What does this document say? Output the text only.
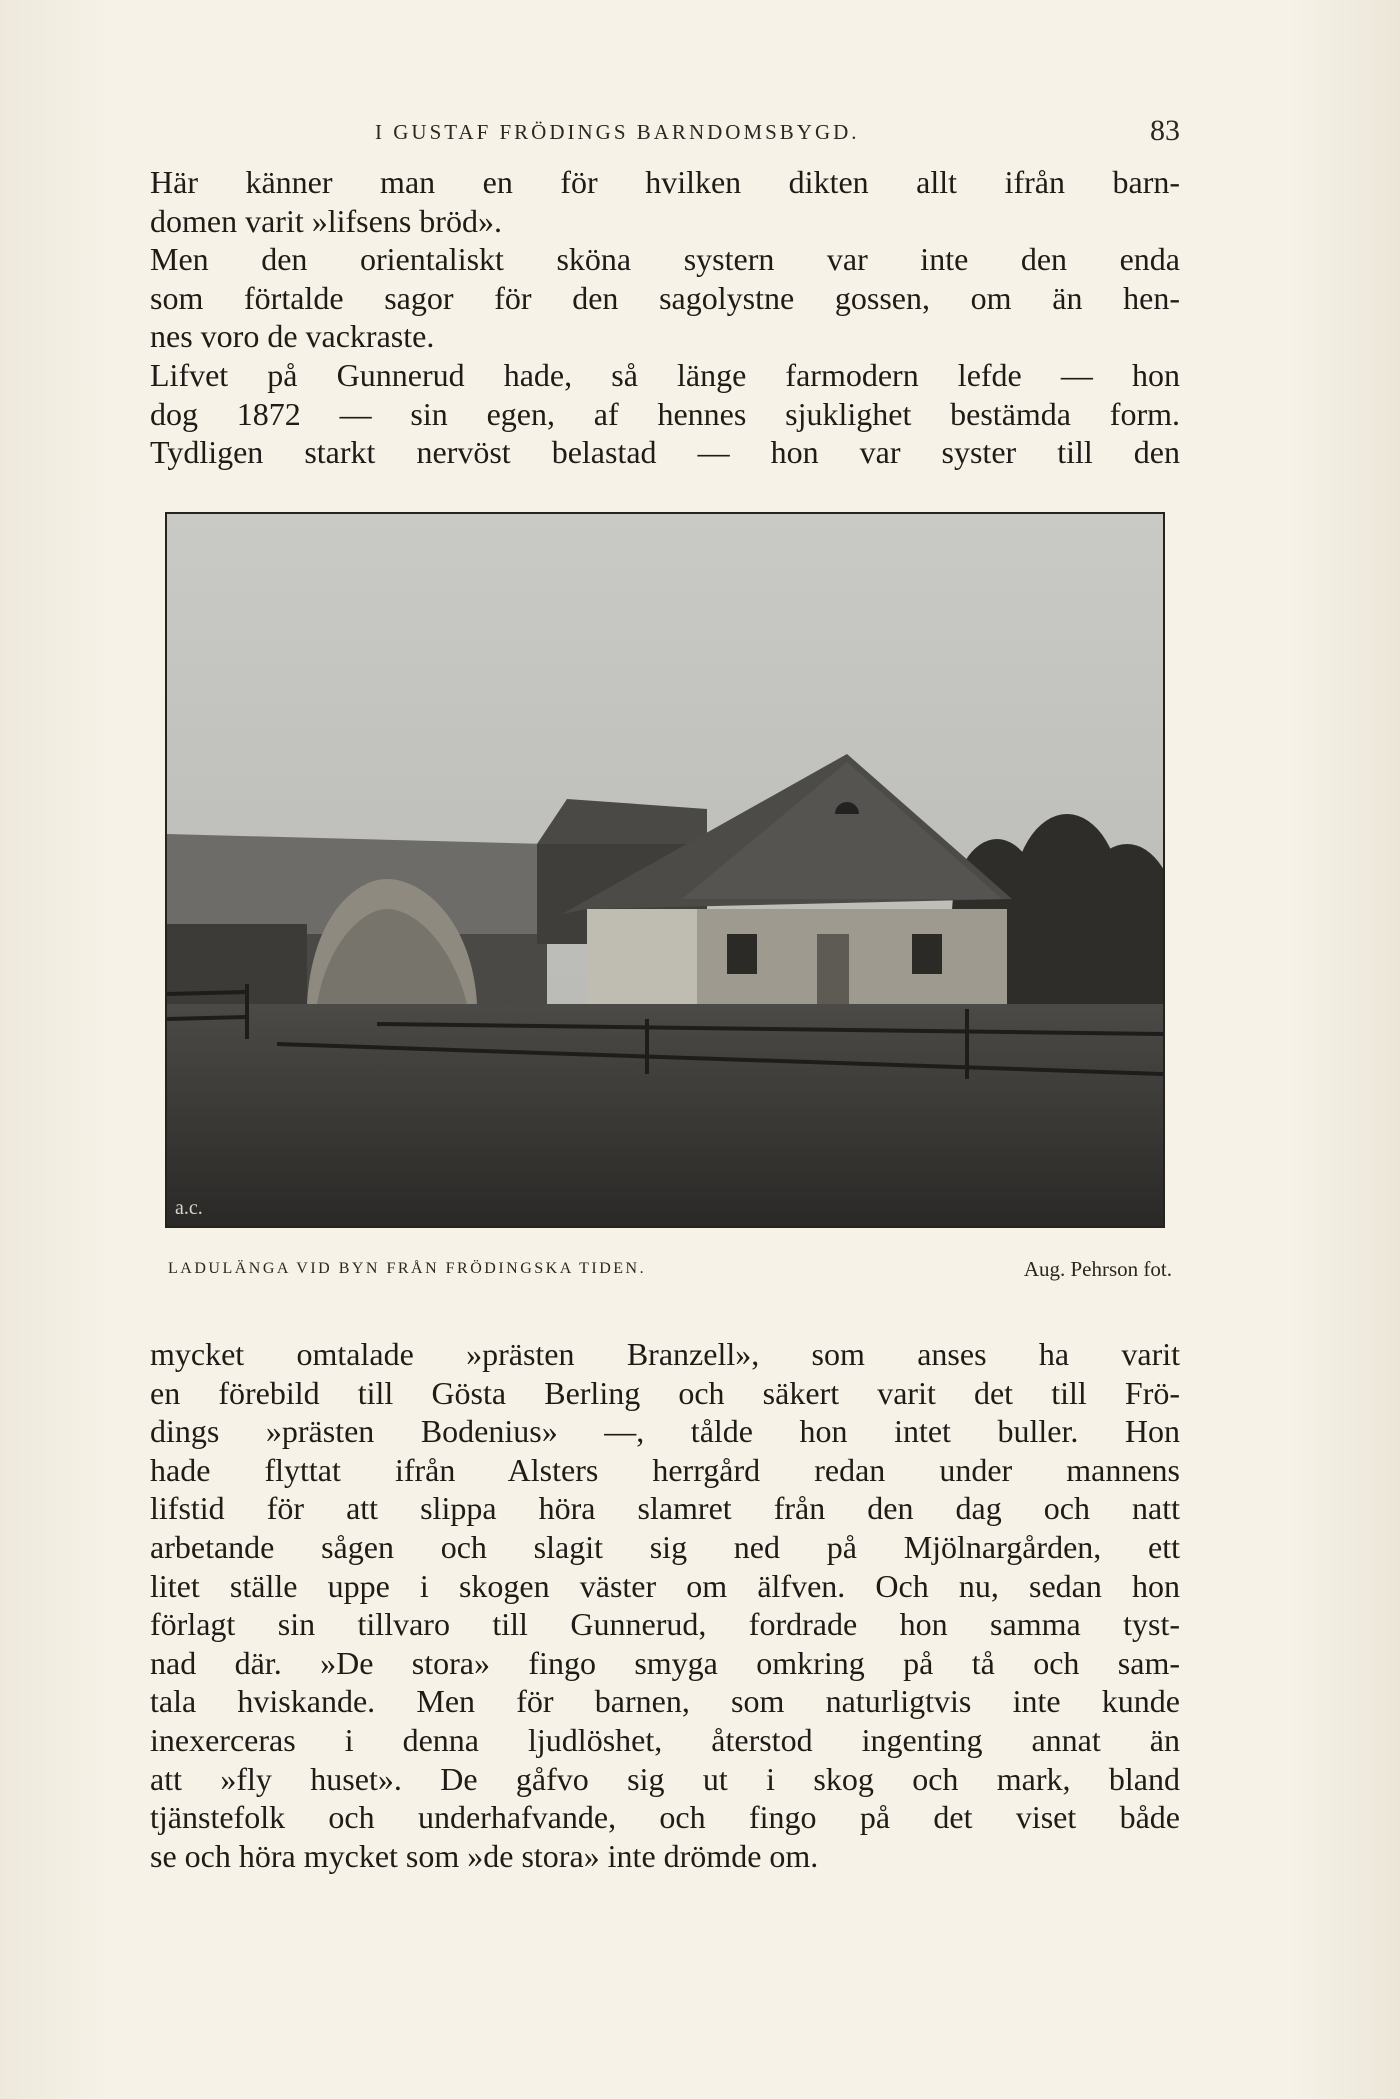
I GUSTAF FRÖDINGS BARNDOMSBYGD.	83
Här känner man en för hvilken dikten allt ifrån barn-
domen varit »lifsens bröd».
Men den orientaliskt sköna systern var inte den enda
som förtalde sagor för den sagolystne gossen, om än hen-
nes voro de vackraste.
Lifvet på Gunnerud hade, så länge farmodern lefde — hon
dog 1872 — sin egen, af hennes sjuklighet bestämda form.
Tydligen starkt nervöst belastad — hon var syster till den
a.c.
LADULÄNGA VID BYN FRÅN FRÖDINGSKA TIDEN.	Aug. Pehrson fot.
mycket omtalade »prästen Branzell», som anses ha varit
en förebild till Gösta Berling och säkert varit det till Frö-
dings »prästen Bodenius» —, tålde hon intet buller. Hon
hade flyttat ifrån Alsters herrgård redan under mannens
lifstid för att slippa höra slamret från den dag och natt
arbetande sågen och slagit sig ned på Mjölnargården, ett
litet ställe uppe i skogen väster om älfven. Och nu, sedan hon
förlagt sin tillvaro till Gunnerud, fordrade hon samma tyst-
nad där. »De stora» fingo smyga omkring på tå och sam-
tala hviskande. Men för barnen, som naturligtvis inte kunde
inexerceras i denna ljudlöshet, återstod ingenting annat än
att »fly huset». De gåfvo sig ut i skog och mark, bland
tjänstefolk och underhafvande, och fingo på det viset både
se och höra mycket som »de stora» inte drömde om.
